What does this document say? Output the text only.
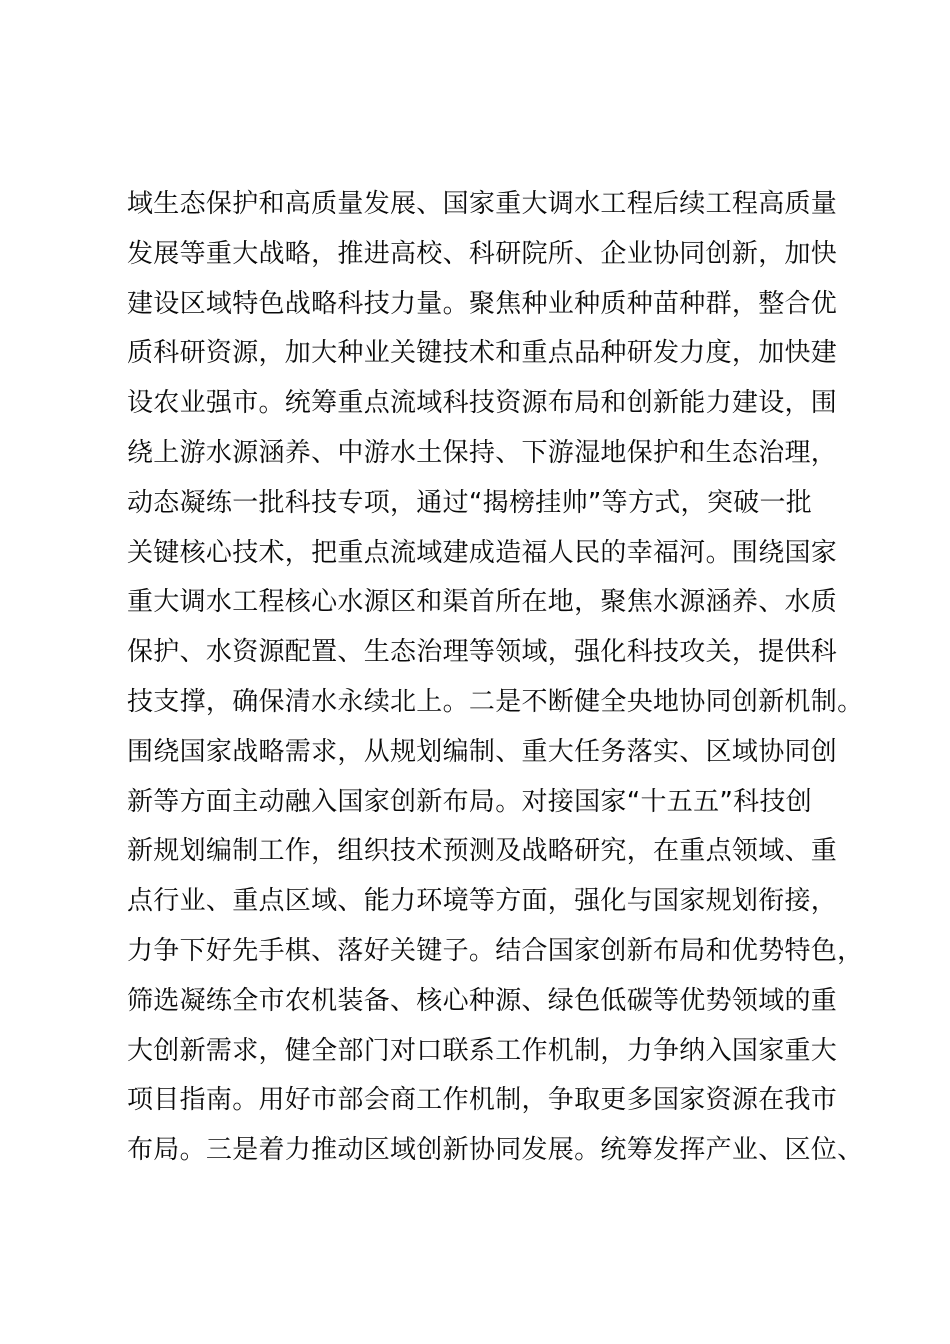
域生态保护和高质量发展、国家重大调水工程后续工程高质量
发展等重大战略，推进高校、科研院所、企业协同创新，加快
建设区域特色战略科技力量。聚焦种业种质种苗种群，整合优
质科研资源，加大种业关键技术和重点品种研发力度，加快建
设农业强市。统筹重点流域科技资源布局和创新能力建设，围
绕上游水源涵养、中游水土保持、下游湿地保护和生态治理，
动态凝练一批科技专项，通过“揭榜挂帅”等方式，突破一批
关键核心技术，把重点流域建成造福人民的幸福河。围绕国家
重大调水工程核心水源区和渠首所在地，聚焦水源涵养、水质
保护、水资源配置、生态治理等领域，强化科技攻关，提供科
技支撑，确保清水永续北上。二是不断健全央地协同创新机制。
围绕国家战略需求，从规划编制、重大任务落实、区域协同创
新等方面主动融入国家创新布局。对接国家“十五五”科技创
新规划编制工作，组织技术预测及战略研究，在重点领域、重
点行业、重点区域、能力环境等方面，强化与国家规划衔接，
力争下好先手棋、落好关键子。结合国家创新布局和优势特色，
筛选凝练全市农机装备、核心种源、绿色低碳等优势领域的重
大创新需求，健全部门对口联系工作机制，力争纳入国家重大
项目指南。用好市部会商工作机制，争取更多国家资源在我市
布局。三是着力推动区域创新协同发展。统筹发挥产业、区位、
